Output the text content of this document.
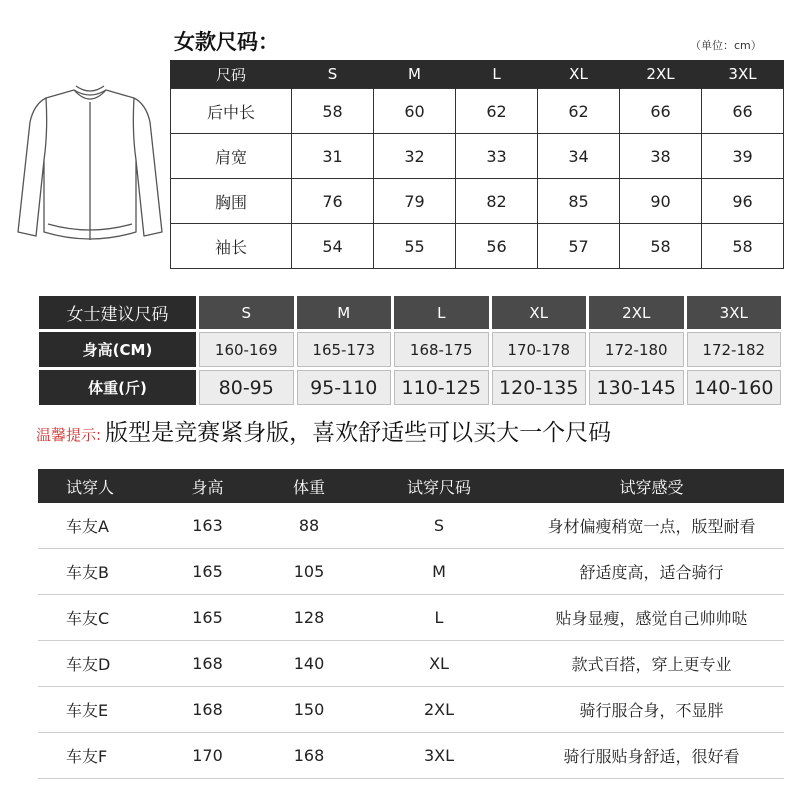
女款尺码：	（单位：cm）
尺码	S	M	L	XL	2XL	3XL
后中长	58	60	62	62	66	66
肩宽	31	32	33	34	38	39
胸围	76	79	82	85	90	96
袖长	54	55	56	57	58	58
女士建议尺码	S	M	L	XL	2XL	3XL
身高(CM)	160-169	165-173	168-175	170-178	172-180	172-182
体重(斤)	80-95	95-110	110-125	120-135	130-145	140-160
温馨提示: 版型是竞赛紧身版，喜欢舒适些可以买大一个尺码
试穿人	身高	体重	试穿尺码	试穿感受
车友A	163	88	S	身材偏瘦稍宽一点，版型耐看
车友B	165	105	M	舒适度高，适合骑行
车友C	165	128	L	贴身显瘦，感觉自己帅帅哒
车友D	168	140	XL	款式百搭，穿上更专业
车友E	168	150	2XL	骑行服合身，不显胖
车友F	170	168	3XL	骑行服贴身舒适，很好看
